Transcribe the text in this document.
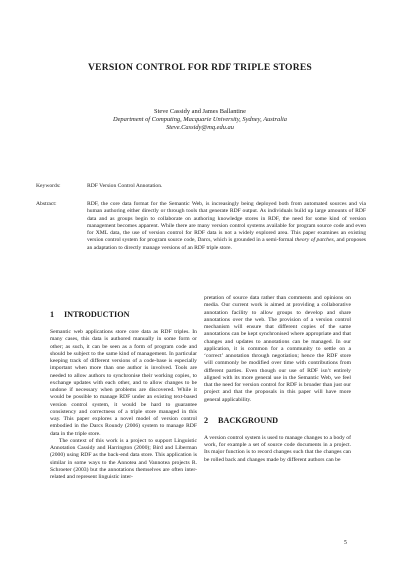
VERSION CONTROL FOR RDF TRIPLE STORES
Steve Cassidy and James Ballantine
Department of Computing, Macquarie University, Sydney, Australia
Steve.Cassidy@mq.edu.au
Keywords:	RDF Version Control Annotation.
Abstract:	RDF, the core data format for the Semantic Web, is increasingly being deployed both from automated sources and via human authoring either directly or through tools that generate RDF output. As individuals build up large amounts of RDF data and as groups begin to collaborate on authoring knowledge stores in RDF, the need for some kind of version management becomes apparent. While there are many version control systems available for program source code and even for XML data, the use of version control for RDF data is not a widely explored area. This paper examines an existing version control system for program source code, Darcs, which is grounded in a semi-formal theory of patches, and proposes an adaptation to directly manage versions of an RDF triple store.

1 INTRODUCTION

Semantic web applications store core data as RDF triples. In many cases, this data is authored manually in some form or other; as such, it can be seen as a form of program code and should be subject to the same kind of management. In particular keeping track of different versions of a code-base is especially important when more than one author is involved. Tools are needed to allow authors to synchronise their working copies, to exchange updates with each other, and to allow changes to be undone if necessary when problems are discovered. While it would be possible to manage RDF under an existing text-based version control system, it would be hard to guarantee consistency and correctness of a triple store managed in this way. This paper explores a novel model of version control embodied in the Darcs Roundy (2006) system to manage RDF data in the triple store.

The context of this work is a project to support Linguistic Annotation Cassidy and Harrington (2000); Bird and Liberman (2000) using RDF as the back-end data store. This application is similar in some ways to the Annotea and Vannotea projects R. Schroeter (2003) but the annotations themselves are often inter-related and represent linguistic inter-

pretation of source data rather than comments and opinions on media. Our current work is aimed at providing a collaborative annotation facility to allow groups to develop and share annotations over the web. The provision of a version control mechanism will ensure that different copies of the same annotations can be kept synchronised where appropriate and that changes and updates to annotations can be managed. In our application, it is common for a community to settle on a ‘correct’ annotation through negotiation; hence the RDF store will commonly be modified over time with contributions from different parties. Even though our use of RDF isn’t entirely aligned with its more general use in the Semantic Web, we feel that the need for version control for RDF is broader than just our project and that the proposals in this paper will have more general applicability.

2 BACKGROUND

A version control system is used to manage changes to a body of work, for example a set of source code documents in a project. Its major function is to record changes such that the changes can be rolled back and changes made by different authors can be

5
